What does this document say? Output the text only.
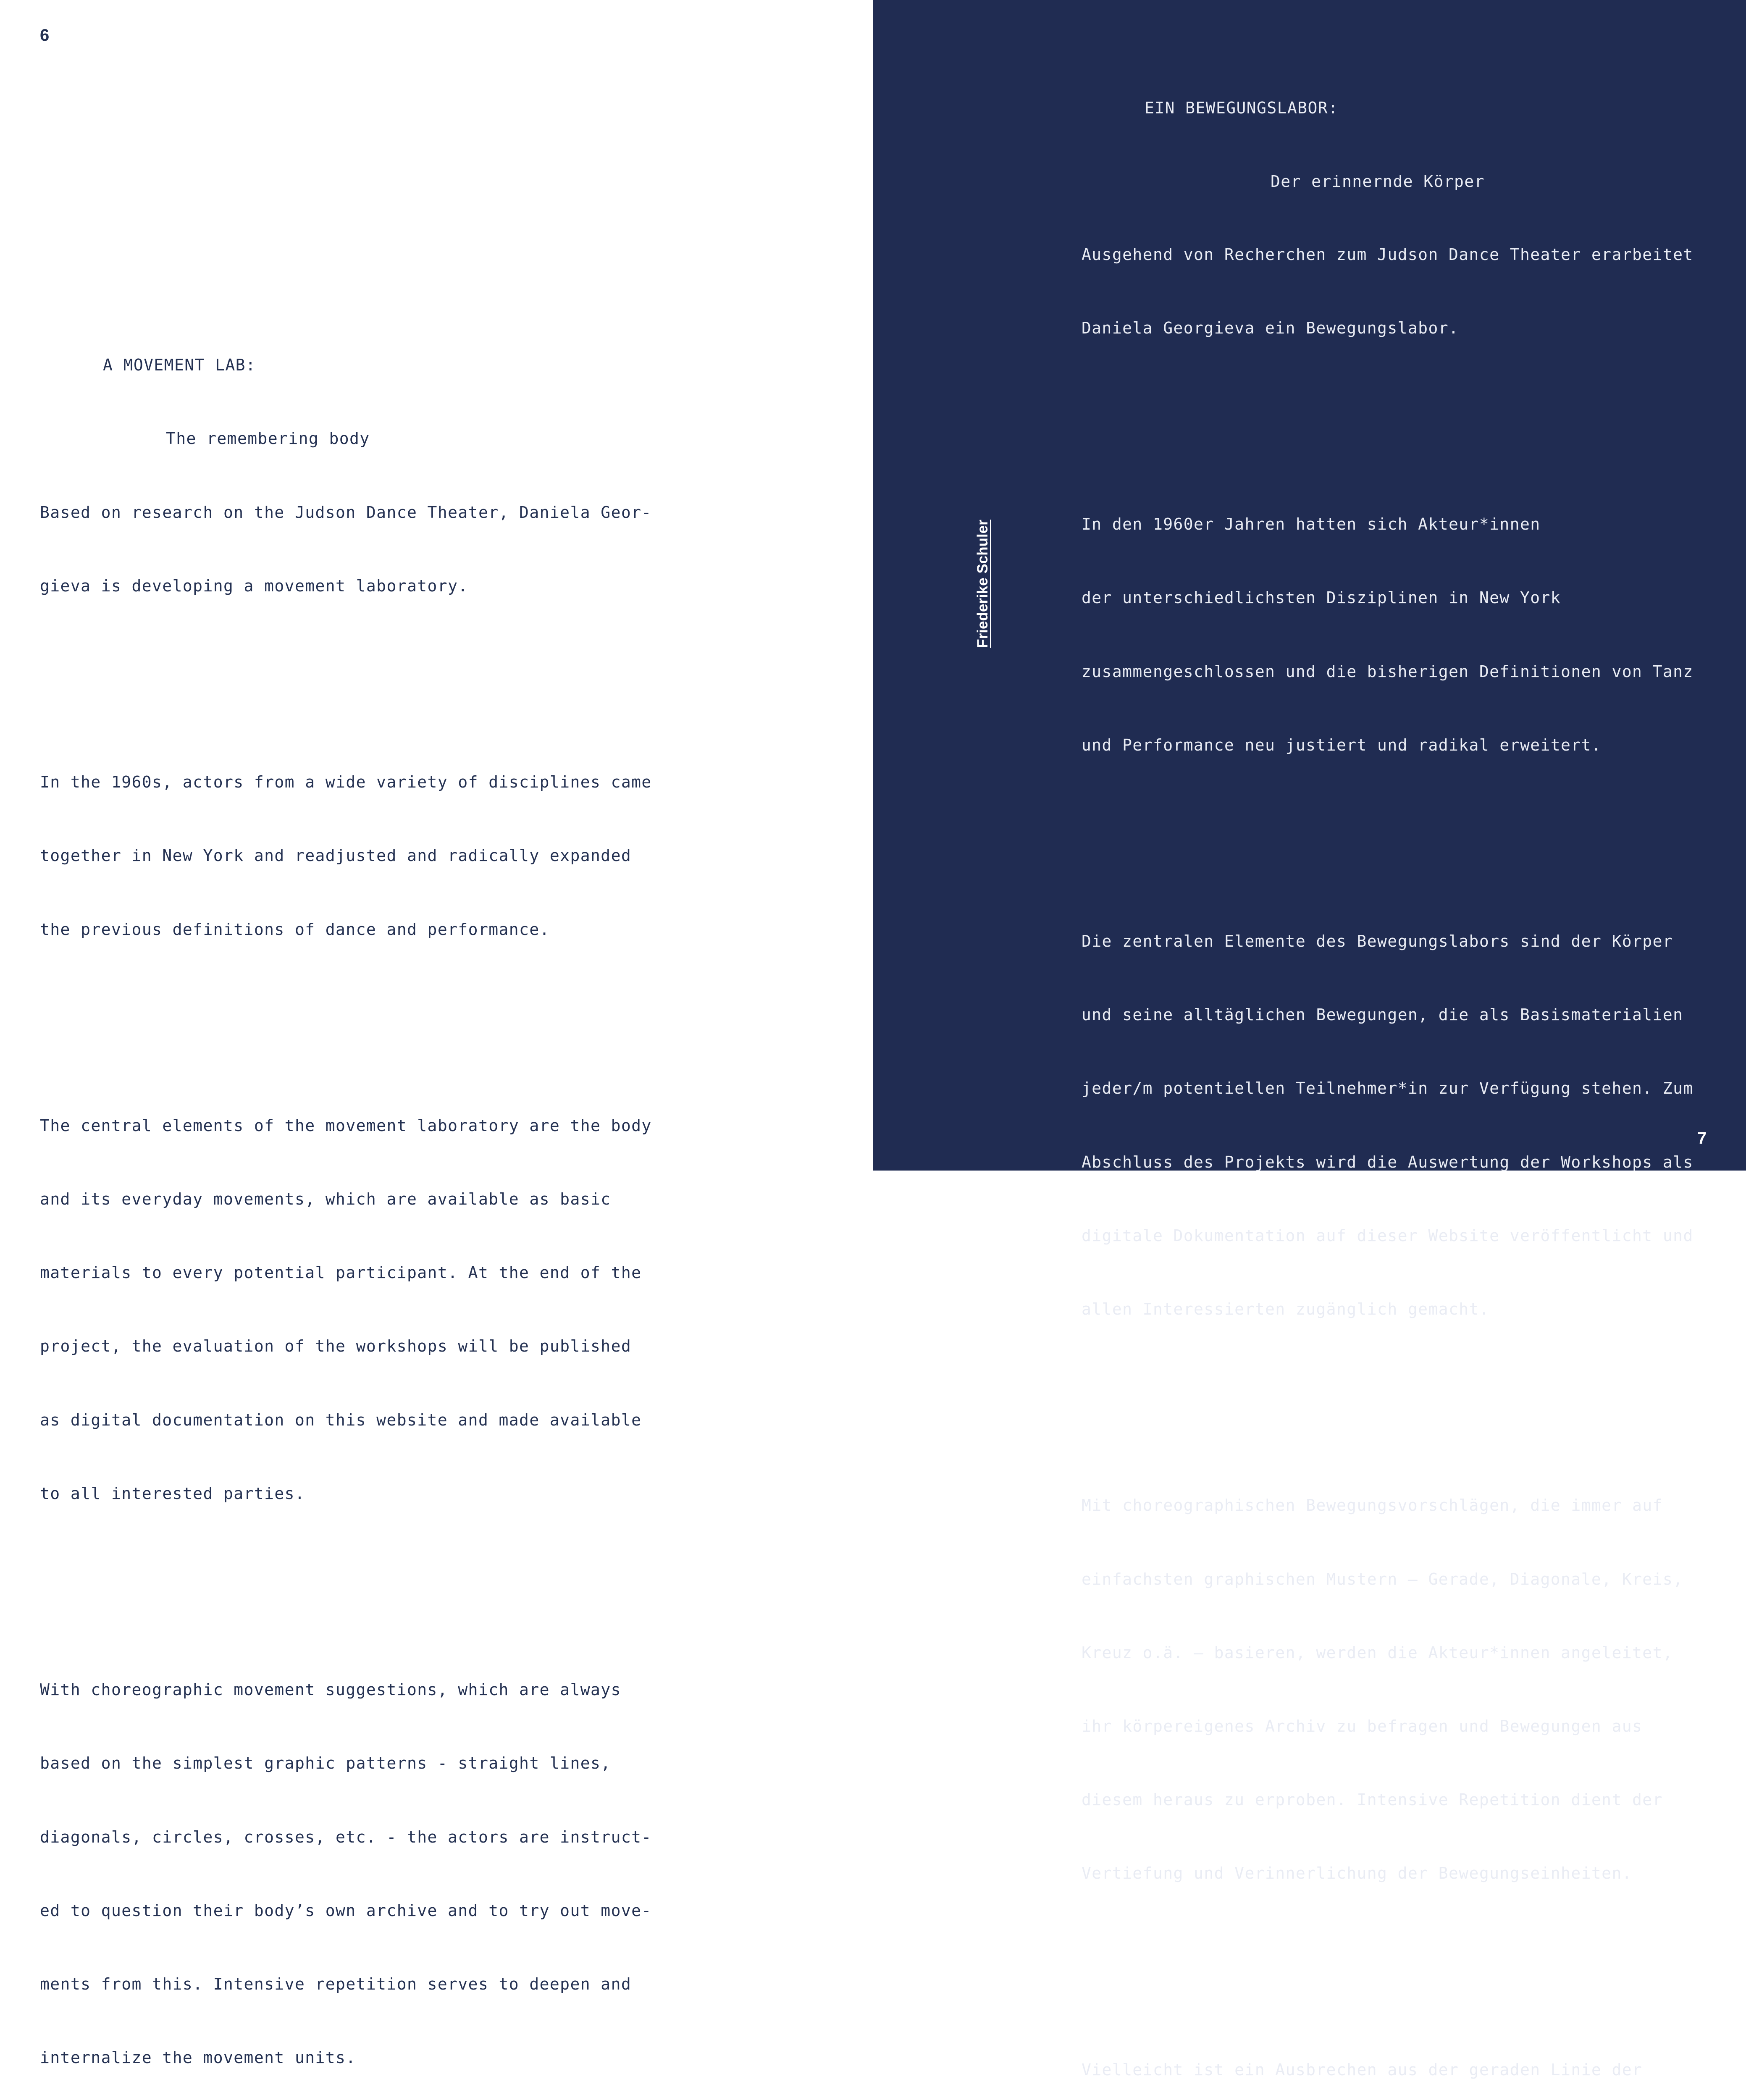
6

A MOVEMENT LAB:

The remembering body

Based on research on the Judson Dance Theater, Daniela Geor-

gieva is developing a movement laboratory.

In the 1960s, actors from a wide variety of disciplines came

together in New York and readjusted and radically expanded

the previous definitions of dance and performance.

The central elements of the movement laboratory are the body

and its everyday movements, which are available as basic

materials to every potential participant. At the end of the

project, the evaluation of the workshops will be published

as digital documentation on this website and made available

to all interested parties.

With choreographic movement suggestions, which are always

based on the simplest graphic patterns - straight lines,

diagonals, circles, crosses, etc. - the actors are instruct-

ed to question their body’s own archive and to try out move-

ments from this. Intensive repetition serves to deepen and

internalize the movement units.

Friederike Schuler

EIN BEWEGUNGSLABOR:

Der erinnernde Körper

Ausgehend von Recherchen zum Judson Dance Theater erarbeitet

Daniela Georgieva ein Bewegungslabor.

In den 1960er Jahren hatten sich Akteur*innen

der unterschiedlichsten Disziplinen in New York

zusammengeschlossen und die bisherigen Definitionen von Tanz

und Performance neu justiert und radikal erweitert.

Die zentralen Elemente des Bewegungslabors sind der Körper

und seine alltäglichen Bewegungen, die als Basismaterialien

jeder/m potentiellen Teilnehmer*in zur Verfügung stehen. Zum

Abschluss des Projekts wird die Auswertung der Workshops als

digitale Dokumentation auf dieser Website veröffentlicht und

allen Interessierten zugänglich gemacht.

Mit choreographischen Bewegungsvorschlägen, die immer auf

einfachsten graphischen Mustern – Gerade, Diagonale, Kreis,

Kreuz o.ä. – basieren, werden die Akteur*innen angeleitet,

ihr körpereigenes Archiv zu befragen und Bewegungen aus

diesem heraus zu erproben. Intensive Repetition dient der

Vertiefung und Verinnerlichung der Bewegungseinheiten.

Vielleicht ist ein Ausbrechen aus der geraden Linie der

7
